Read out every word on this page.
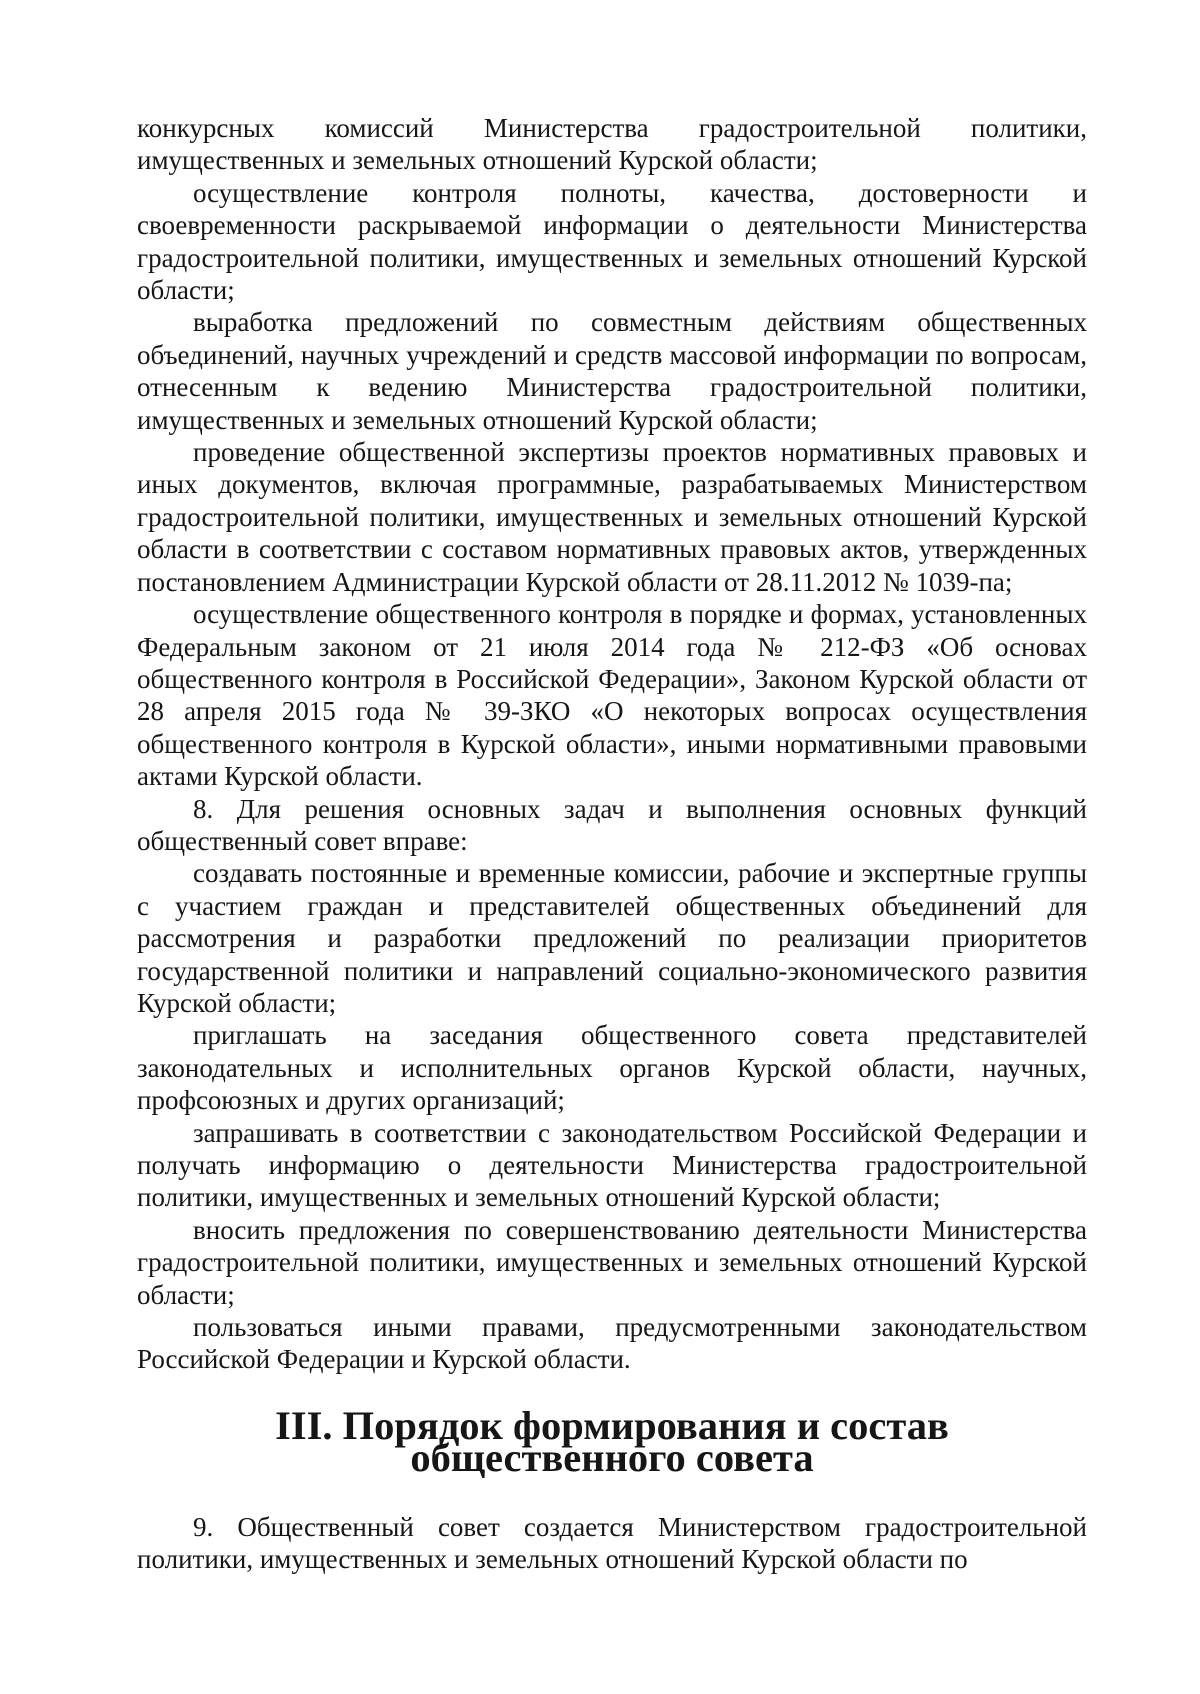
конкурсных комиссий Министерства градостроительной политики, имущественных и земельных отношений Курской области;

осуществление контроля полноты, качества, достоверности и своевременности раскрываемой информации о деятельности Министерства градостроительной политики, имущественных и земельных отношений Курской области;

выработка предложений по совместным действиям общественных объединений, научных учреждений и средств массовой информации по вопросам, отнесенным к ведению Министерства градостроительной политики, имущественных и земельных отношений Курской области;

проведение общественной экспертизы проектов нормативных правовых и иных документов, включая программные, разрабатываемых Министерством градостроительной политики, имущественных и земельных отношений Курской области в соответствии с составом нормативных правовых актов, утвержденных постановлением Администрации Курской области от 28.11.2012 № 1039-па;

осуществление общественного контроля в порядке и формах, установленных Федеральным законом от 21 июля 2014 года № 212-ФЗ «Об основах общественного контроля в Российской Федерации», Законом Курской области от 28 апреля 2015 года № 39-ЗКО «О некоторых вопросах осуществления общественного контроля в Курской области», иными нормативными правовыми актами Курской области.

8. Для решения основных задач и выполнения основных функций общественный совет вправе:

создавать постоянные и временные комиссии, рабочие и экспертные группы с участием граждан и представителей общественных объединений для рассмотрения и разработки предложений по реализации приоритетов государственной политики и направлений социально-экономического развития Курской области;

приглашать на заседания общественного совета представителей законодательных и исполнительных органов Курской области, научных, профсоюзных и других организаций;

запрашивать в соответствии с законодательством Российской Федерации и получать информацию о деятельности Министерства градостроительной политики, имущественных и земельных отношений Курской области;

вносить предложения по совершенствованию деятельности Министерства градостроительной политики, имущественных и земельных отношений Курской области;

пользоваться иными правами, предусмотренными законодательством Российской Федерации и Курской области.

III. Порядок формирования и состав общественного совета

9. Общественный совет создается Министерством градостроительной политики, имущественных и земельных отношений Курской области по
